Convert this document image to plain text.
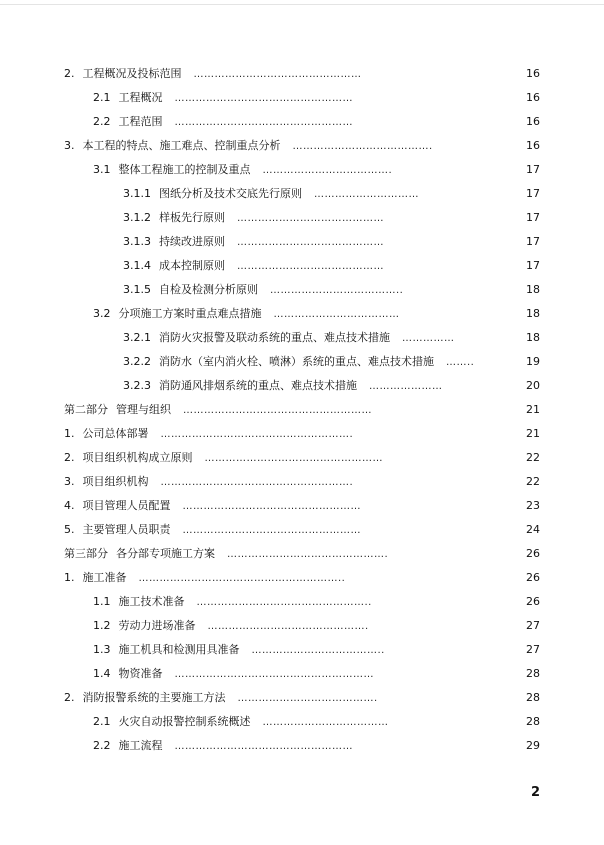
2. 工程概况及投标范围 …………………………………………	16
2.1 工程概况 ……………………………………………	16
2.2 工程范围 ……………………………………………	16
3. 本工程的特点、施工难点、控制重点分析 ………………………………….	16
3.1 整体工程施工的控制及重点 ……………………………….	17
3.1.1 图纸分析及技术交底先行原则 …………………………	17
3.1.2 样板先行原则 ……………………………………	17
3.1.3 持续改进原则 ……………………………………	17
3.1.4 成本控制原则 ……………………………………	17
3.1.5 自检及检测分析原则 ………………………………..	18
3.2 分项施工方案时重点难点措施 ………………………………	18
3.2.1 消防火灾报警及联动系统的重点、难点技术措施 ……………	18
3.2.2 消防水（室内消火栓、喷淋）系统的重点、难点技术措施 ……..	19
3.2.3 消防通风排烟系统的重点、难点技术措施 …………………	20
第二部分 管理与组织 ………………………………………………	21
1. 公司总体部署 ……………………………………………….	21
2. 项目组织机构成立原则 ……………………………………………	22
3. 项目组织机构 ……………………………………………….	22
4. 项目管理人员配置 ……………………………………………	23
5. 主要管理人员职责 ……………………………………………	24
第三部分 各分部专项施工方案 ……………………………………….	26
1. 施工准备 …………………………………………………..	26
1.1 施工技术准备 …………………………………………..	26
1.2 劳动力进场准备 ……………………………………….	27
1.3 施工机具和检测用具准备 ………………………………..	27
1.4 物资准备 …………………………………………………	28
2. 消防报警系统的主要施工方法 ………………………………….	28
2.1 火灾自动报警控制系统概述 ………………………………	28
2.2 施工流程 ……………………………………………	29
2
